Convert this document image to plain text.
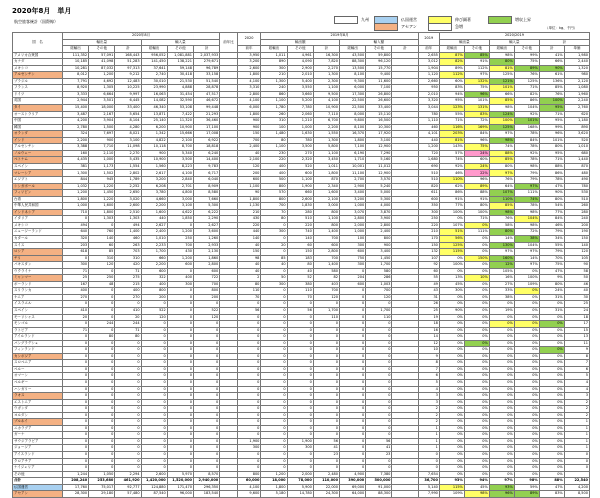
2020年8月　単月
航空旅客統計（国際線）	九州	仏国運営
アセアン
伸び顕著
急増
増収上昇
（単位：kg、千円）
国　名	2020年8月						前年比	2020	2019年8月						2019	2020/2019					
	輸出量			輸入量					輸出額			輸入額				輸出量		輸入量		計	
	総輸出	その他	計	総輸出	その他	計		前年	総輸出	その他	計	総輸出	その他	計	前年	総輸出	その他	総輸出	その他	計	単価
アメリカ合衆国	111,352	57,091	168,443	956,052	1,081,881	2,037,933		3,950	1,011	4,961	16,300	43,500	59,800		2,655	87%	85%	98%	99%	41%	1,980
カナダ	10,185	41,098	51,283	141,450	138,221	279,671		3,200	890	4,090	7,820	88,300	96,120		3,012	82%	91%	80%	75%	66%	2,440
メキシコ	10,281	87,032	97,313	37,641	59,148	96,789		2,600	300	2,900	2,270	13,500	15,770		1,904	89%	112%	81%	89%	90%	1,320
アルゼンチン	8,012	1,200	9,212	2,740	30,418	33,158		1,800	210	2,010	1,300	8,100	9,400		1,120	112%	97%	125%	76%	61%	980
ブラジル	7,791	4,692	12,483	30,010	21,530	51,540		4,100	1,300	5,400	2,300	9,300	11,600		2,660	60%	132%	121%	125%	136%	2,120
フランス	8,920	1,305	10,225	23,990	4,888	28,878		3,310	240	3,550	1,100	6,000	7,100		950	83%	75%	101%	71%	85%	1,080
ドイツ	3,333	6,664	9,997	16,063	31,454	47,517		2,800	860	3,660	9,500	17,300	26,800		2,010	94%	96%	66%	82%	76%	1,960
英国	2,944	3,501	6,445	14,082	32,590	46,672		4,100	1,100	5,200	4,100	22,500	26,600		3,320	95%	101%	85%	86%	100%	2,240
タイ	15,400	18,000	33,400	46,340	53,108	99,448		6,000	1,780	7,780	10,900	22,500	33,400		3,044	123%	131%	98%	104%	95%	2,760
オーストラリア	3,487	2,167	5,654	13,871	7,422	21,293		1,800	260	2,060	7,110	8,000	15,110		780	55%	83%	124%	92%	71%	620
中国	4,200	3,904	8,104	25,140	11,320	36,460		900	310	1,210	6,700	9,800	16,500		1,110	71%	72%	100%	101%	95%	1,180
韓国	2,780	1,500	4,280	6,200	10,900	17,100		900	100	1,000	2,200	8,100	10,300		460	116%	169%	125%	168%	99%	890
オランダ	324	7,697	8,021	1,342	15,666	17,008		150	1,480	1,630	1,550	16,370	17,920		4,101	203%	84%	97%	78%	96%	3,620
インド	2,200	900	3,100	4,822	2,100	6,922		700	80	780	1,300	1,800	3,100		440	81%	96%	98%	84%	101%	520
アルゼンチン	3,388	7,710	11,098	10,118	8,700	18,818		2,400	1,100	3,500	5,800	7,100	12,900		1,200	143%	75%	74%	78%	80%	1,010
ノルウェー	160	2,110	2,270	900	5,340	6,240		40	230	270	1,100	6,190	7,290		720	57%	24%	88%	92%	95%	680
ベトナム	4,435	1,000	5,435	10,900	3,500	14,400		2,100	220	2,320	3,450	1,710	5,160		1,680	74%	60%	85%	78%	71%	1,440
スペイン	381	1,173	1,554	1,560	8,223	9,783		120	400	520	1,011	10,001	11,012		690	92%	24%	80%	98%	88%	870
マレーシア	1,300	1,502	2,802	2,617	4,100	6,717		200	400	600	1,800	11,100	12,900		510	46%	22%	97%	79%	86%	480
エジプト	844	945	1,789	3,200	2,840	6,040		600	500	1,100	870	2,700	3,570		510	110%	96%	76%	79%	78%	490
シンガポール	1,032	1,220	2,252	6,208	2,701	8,909		1,100	800	1,900	2,340	2,900	5,240		820	62%	89%	64%	97%	47%	780
フィリピン	1,200	1,450	2,650	3,780	4,800	8,580		90	570	660	1,600	3,400	5,000		611	86%	88%	107%	111%	90%	530
台湾	1,800	1,220	3,020	4,660	3,000	7,660		1,800	800	2,600	2,100	3,200	5,300		600	91%	91%	110%	74%	80%	510
中華人民共和国	1,000	1,600	2,600	2,200	3,100	5,300		1,130	700	1,830	3,000	1,000	4,000		350	77%	80%	85%	78%	54%	260
インドネシア	710	1,800	2,510	1,600	4,622	6,222		210	70	280	800	3,070	3,870		300	100%	100%	98%	98%	77%	280
イタリア	0	1,303	1,303	440	1,850	2,290		430	80	510	1,100	2,800	3,900		250	0%	71%	76%	104%	84%	240
メキシコ	494	0	494	2,627	0	2,627		220	0	220	800	2,000	2,800		220	107%	0%	58%	98%	46%	200
ニュージーランド	640	760	1,400	2,400	1,200	3,600		440	300	740	1,400	1,000	2,400		210	51%	111%	80%	72%	79%	190
カタール	320	140	460	1,010	250	1,260		140	0	140	700	100	800		170	56%	0%	14%	38%	34%	150
スイス	203	60	263	2,233	700	2,933		40	20	60	600	300	900		150	125%	0%	130%	104%	55%	140
ロシア	618	85	703	1,700	430	2,130		150	0	150	2,800	600	3,400		132	115%	0%	97%	97%	79%	120
チリ	0	310	310	660	1,200	1,860		98	85	183	700	750	1,450		107	0%	150%	160%	14%	70%	105
パキスタン	300	120	420	2,200	600	2,800		40	40	80	1,400	300	1,700		92	100%	0%	12%	97%	75%	90
ウクライナ	71	0	71	600	0	600		40	0	40	580	0	580		60	0%	0%	105%	0%	47%	58
ミャンマー	25	250	275	322	400	722		2	50	52	82	204	286		55	13%	10%	16%	100%	9%	50
ポーランド	167	48	215	400	300	700		80	300	380	403	600	1,003		49	45%	0%	27%	109%	80%	46
スリランカ	400	0	400	800	0	800		110	0	110	700	0	700		43	30%	0%	33%	0%	24%	40
ケニア	270	0	270	200	0	200		70	0	70	120	0	120		31	0%	0%	38%	0%	31%	30
イスラエル	0	0	0	0	0	0		0	0	0	0	0	0		26	0%	0%	0%	0%	0%	25
スペイン	410	0	410	522	0	522		56	0	56	1,700	0	1,700		25	90%	0%	19%	0%	31%	24
モーリシャス	20	0	20	120	0	120		0	0	0	110	0	110		19	0%	0%	0%	0%	0%	18
モンゴル	0	244	244	0	0	0		0	0	0	0	0	0		18	0%	0%	0%	0%	0%	17
ラトビア	71	0	71	0	0	0		0	0	0	0	0	0		16	0%	0%	0%	0%	0%	15
アイルランド	0	80	80	0	0	0		0	0	0	0	0	0		14	0%	0%	0%	0%	0%	13
バングラデシュ	0	0	0	0	0	0		0	0	0	0	0	0		12	0%	0%	0%	0%	0%	11
フィンランド	0	0	0	0	0	0		0	0	0	0	0	0		10	0%	0%	0%	0%	0%	9
カンボジア	0	0	0	0	0	0		0	0	0	0	0	0		9	0%	0%	0%	0%	0%	8
スロベニア	0	0	0	0	0	0		0	0	0	0	0	0		8	0%	0%	0%	0%	0%	7
ペルー	0	0	0	0	0	0		0	0	0	0	0	0		7	0%	0%	0%	0%	0%	6
オマーン	0	0	0	0	0	0		0	0	0	0	0	0		6	0%	0%	0%	0%	0%	5
ベルギー	0	0	0	0	0	0		0	0	0	0	0	0		5	0%	0%	0%	0%	0%	4
ハンガリー	0	0	0	0	0	0		0	0	0	0	0	0		4	0%	0%	0%	0%	0%	4
ラオス	0	0	0	0	0	0		0	0	0	0	0	0		3	0%	0%	0%	0%	0%	3
エストニア	0	0	0	0	0	0		0	0	0	0	0	0		3	0%	0%	0%	0%	0%	2
ウガンダ	0	0	0	0	0	0		0	0	0	0	0	0		2	0%	0%	0%	0%	0%	2
ヨルダン	0	0	0	0	0	0		0	0	0	0	0	0		2	0%	0%	0%	0%	0%	2
ブルネイ	0	0	0	0	0	0		0	0	0	0	0	0		2	0%	0%	0%	0%	0%	1
ニカラグア	0	0	0	0	0	0		0	0	0	0	0	0		1	0%	0%	0%	0%	0%	1
ガーナ	0	0	0	0	0	0		0	0	0	0	0	0		1	0%	0%	0%	0%	0%	1
サウジアラビア	0	0	0	0	0	0		1,900	0	1,900	56	0	56		1	0%	0%	0%	0%	0%	1
ジョージア	0	0	0	0	0	0		300	0	300	41	0	41		1	0%	0%	0%	0%	0%	1
アイスランド	0	0	0	0	0	0		0	0	0	23	0	23		0	0%	0%	0%	0%	0%	0
クロアチア	0	0	0	0	0	0		0	0	0	0	0	0		0	0%	0%	0%	0%	0%	0
ナイジェリア	0	0	0	0	0	0		0	0	0	0	0	0		0	0%	0%	0%	0%	0%	0
その他	1,244	1,050	2,294	2,600	5,970	8,570		800	1,200	2,000	2,480	4,900	7,380		7,654	0%	0%	0%	0%	0%	
合計	208,240	253,680	461,920	1,420,000	1,520,000	2,940,000		60,000	18,000	78,000	110,000	390,000	500,000		36,700	93%	94%	97%	98%	88%	22,540
仏国運営	17,760	75,017	92,777	124,880	171,470	296,350		4,100	1,800	5,900	22,000	69,000	91,000		5,140	115%	45%	93%	59%	47%	4,200
アセアン	28,300	29,180	57,480	87,540	96,000	183,540		9,600	5,180	14,780	24,300	64,000	88,300		7,990	109%	98%	96%	89%	83%	8,500
